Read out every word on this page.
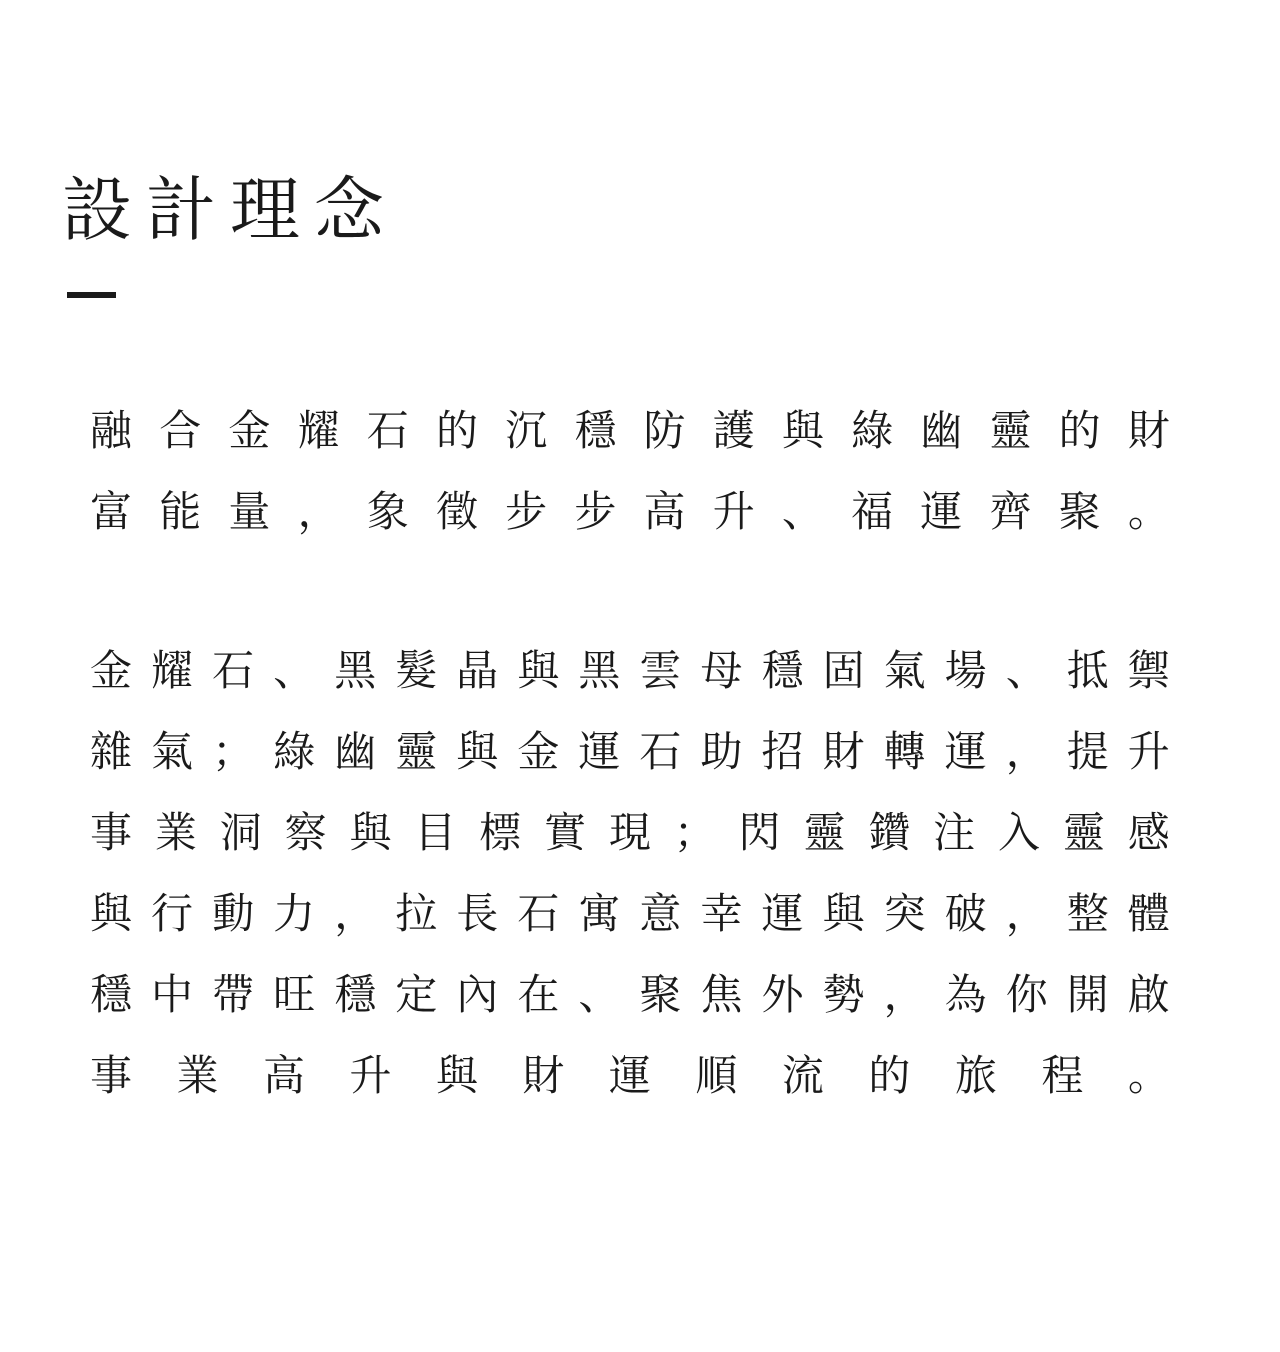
設計理念

融 合 金 耀 石 的 沉 穩 防 護 與 綠 幽 靈 的 財
富 能 量 ， 象 徵 步 步 高 升 、 福 運 齊 聚 。

金 耀 石 、 黑 髮 晶 與 黑 雲 母 穩 固 氣 場 、 抵 禦
雜 氣 ； 綠 幽 靈 與 金 運 石 助 招 財 轉 運 ， 提 升
事 業 洞 察 與 目 標 實 現 ； 閃 靈 鑽 注 入 靈 感
與 行 動 力 ， 拉 長 石 寓 意 幸 運 與 突 破 ， 整 體
穩 中 帶 旺 穩 定 內 在 、 聚 焦 外 勢 ， 為 你 開 啟
事 業 高 升 與 財 運 順 流 的 旅 程 。
